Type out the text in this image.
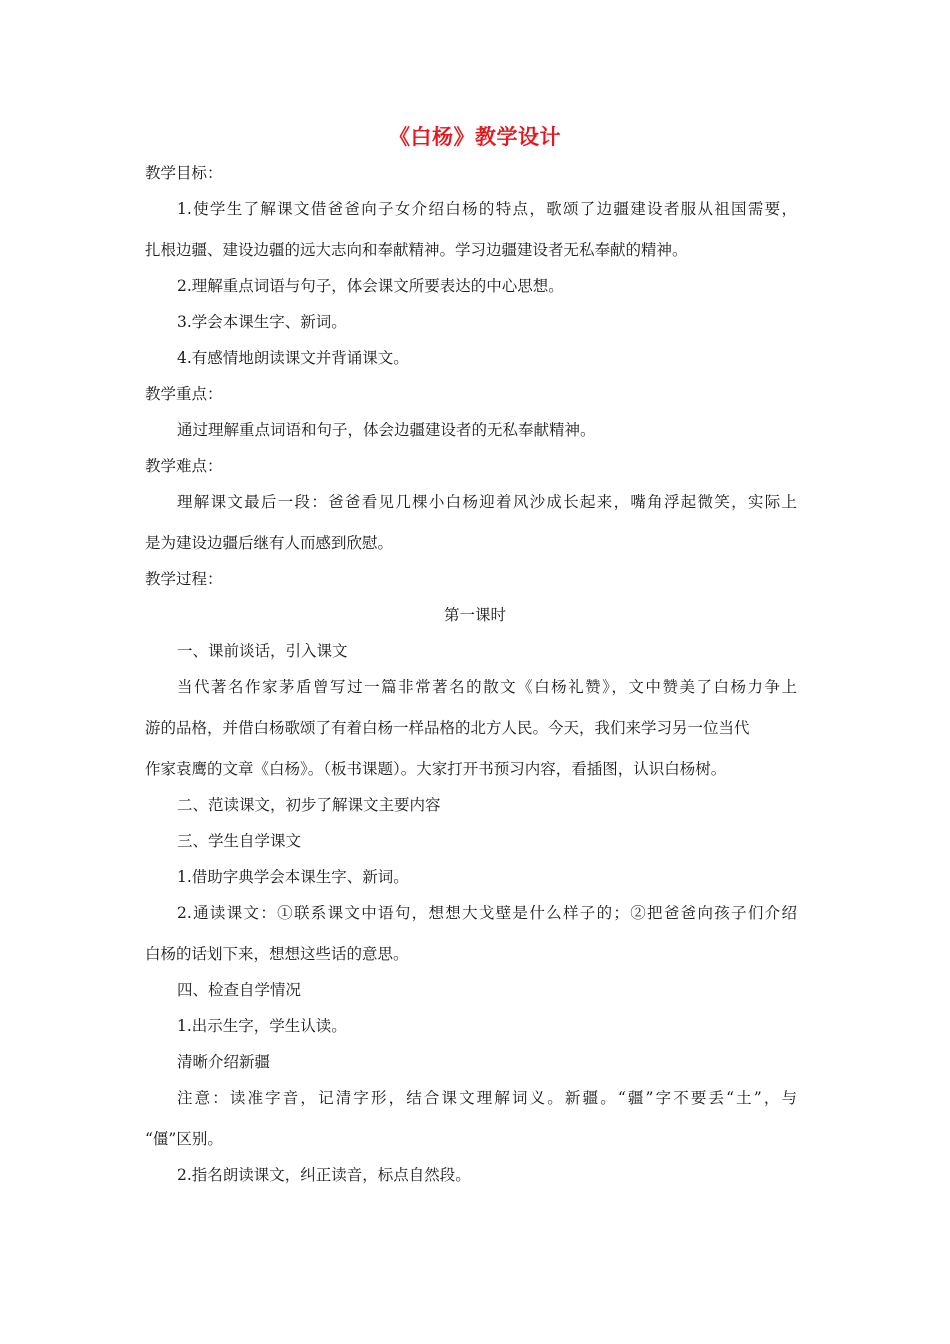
《白杨》教学设计
教学目标：
1.使学生了解课文借爸爸向子女介绍白杨的特点，歌颂了边疆建设者服从祖国需要，
扎根边疆、建设边疆的远大志向和奉献精神。学习边疆建设者无私奉献的精神。
2.理解重点词语与句子，体会课文所要表达的中心思想。
3.学会本课生字、新词。
4.有感情地朗读课文并背诵课文。
教学重点：
通过理解重点词语和句子，体会边疆建设者的无私奉献精神。
教学难点：
理解课文最后一段：爸爸看见几棵小白杨迎着风沙成长起来，嘴角浮起微笑，实际上
是为建设边疆后继有人而感到欣慰。
教学过程：
第一课时
一、课前谈话，引入课文
当代著名作家茅盾曾写过一篇非常著名的散文《白杨礼赞》，文中赞美了白杨力争上
游的品格，并借白杨歌颂了有着白杨一样品格的北方人民。今天，我们来学习另一位当代
作家袁鹰的文章《白杨》。（板书课题）。大家打开书预习内容，看插图，认识白杨树。
二、范读课文，初步了解课文主要内容
三、学生自学课文
1.借助字典学会本课生字、新词。
2.通读课文：①联系课文中语句，想想大戈壁是什么样子的；②把爸爸向孩子们介绍
白杨的话划下来，想想这些话的意思。
四、检查自学情况
1.出示生字，学生认读。
清晰介绍新疆
注意：读准字音，记清字形，结合课文理解词义。新疆。“疆”字不要丢“土”，与
“僵”区别。
2.指名朗读课文，纠正读音，标点自然段。
